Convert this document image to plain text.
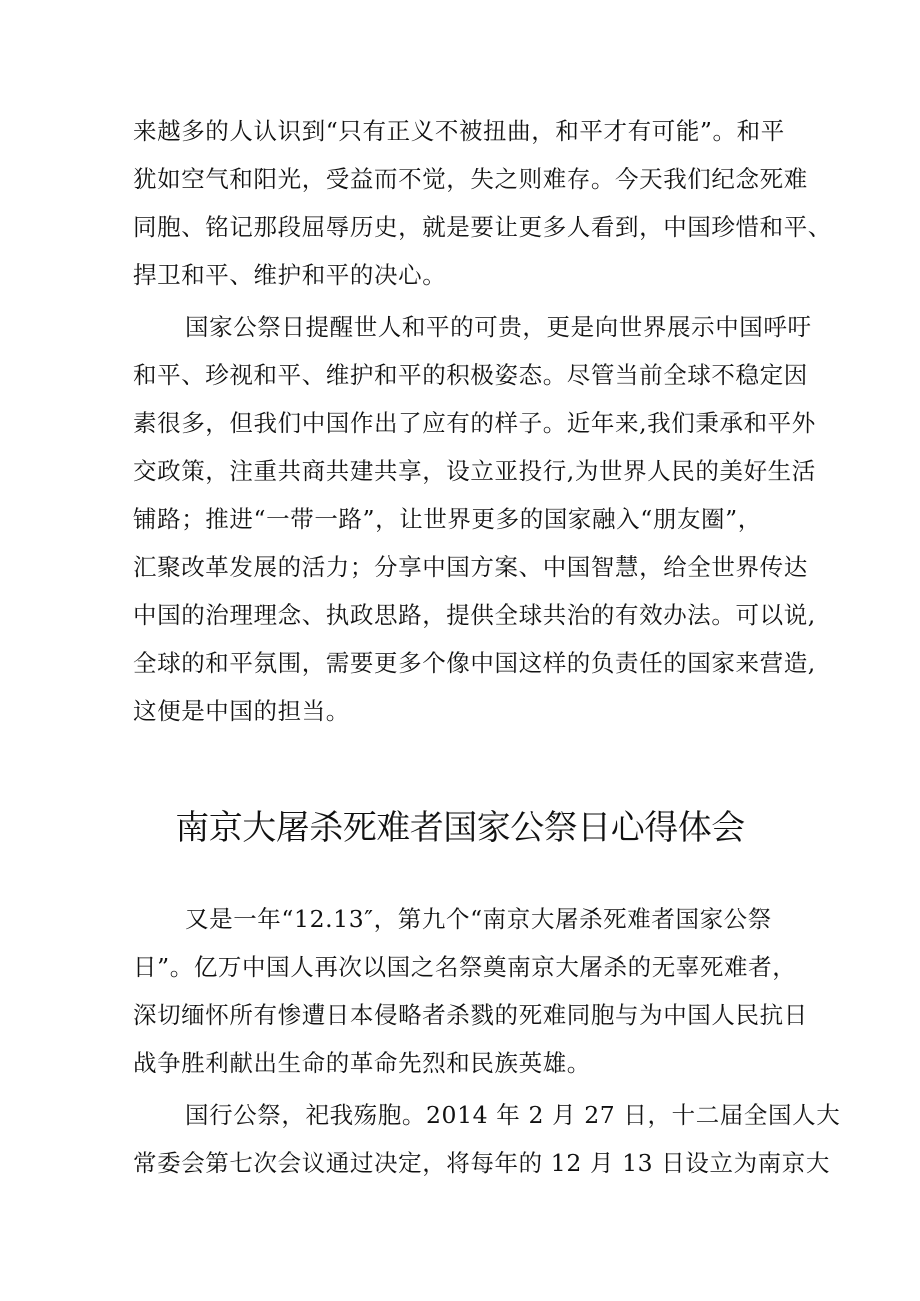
来越多的人认识到“只有正义不被扭曲，和平才有可能”。和平
犹如空气和阳光，受益而不觉，失之则难存。今天我们纪念死难
同胞、铭记那段屈辱历史，就是要让更多人看到，中国珍惜和平、
捍卫和平、维护和平的决心。
国家公祭日提醒世人和平的可贵，更是向世界展示中国呼吁
和平、珍视和平、维护和平的积极姿态。尽管当前全球不稳定因
素很多，但我们中国作出了应有的样子。近年来,我们秉承和平外
交政策，注重共商共建共享，设立亚投行,为世界人民的美好生活
铺路；推进“一带一路”，让世界更多的国家融入“朋友圈”，
汇聚改革发展的活力；分享中国方案、中国智慧，给全世界传达
中国的治理理念、执政思路，提供全球共治的有效办法。可以说,
全球的和平氛围，需要更多个像中国这样的负责任的国家来营造,
这便是中国的担当。
南京大屠杀死难者国家公祭日心得体会
又是一年“12.13″，第九个“南京大屠杀死难者国家公祭
日”。亿万中国人再次以国之名祭奠南京大屠杀的无辜死难者，
深切缅怀所有惨遭日本侵略者杀戮的死难同胞与为中国人民抗日
战争胜利献出生命的革命先烈和民族英雄。
国行公祭，祀我殇胞。2014 年 2 月 27 日，十二届全国人大
常委会第七次会议通过决定，将每年的 12 月 13 日设立为南京大
